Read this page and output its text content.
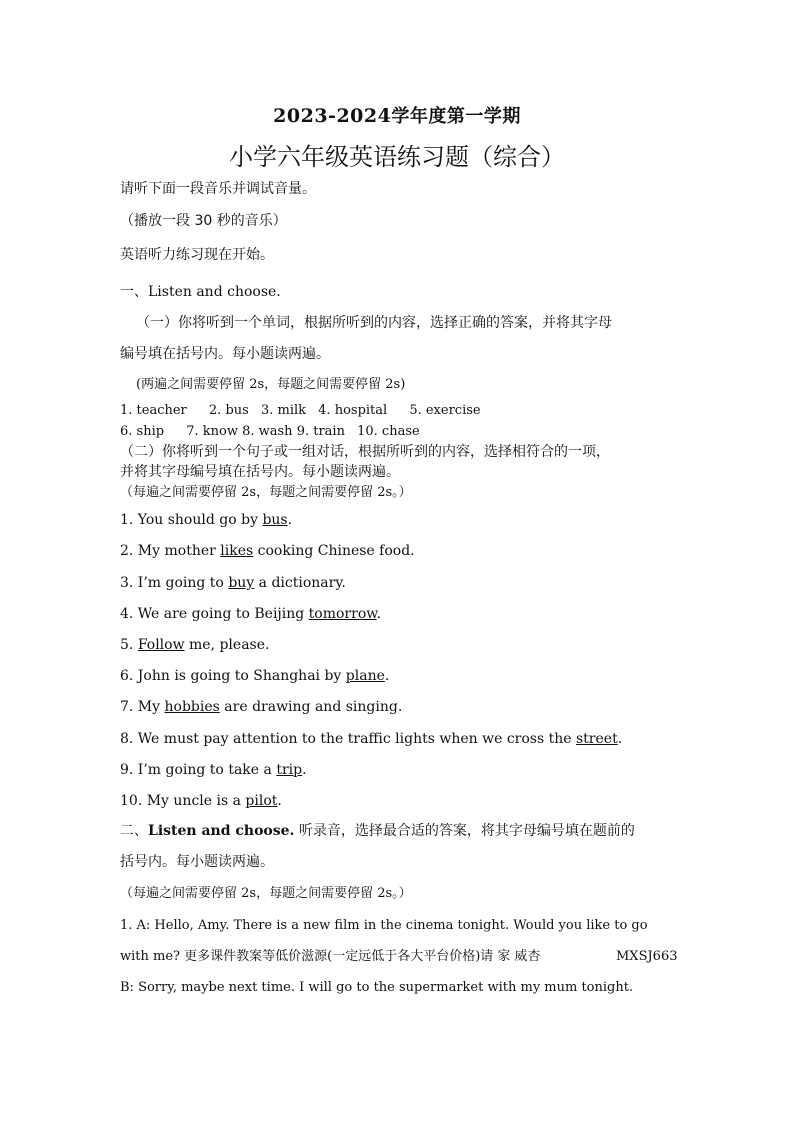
2023-2024学年度第一学期
小学六年级英语练习题（综合）
请听下面一段音乐并调试音量。
（播放一段 30 秒的音乐）
英语听力练习现在开始。
一、Listen and choose.
（一）你将听到一个单词，根据所听到的内容，选择正确的答案，并将其字母
编号填在括号内。每小题读两遍。
(两遍之间需要停留 2s，每题之间需要停留 2s)
1. teacher 2. bus 3. milk 4. hospital 5. exercise
6. ship 7. know 8. wash 9. train 10. chase
（二）你将听到一个句子或一组对话，根据所听到的内容，选择相符合的一项，
并将其字母编号填在括号内。每小题读两遍。
（每遍之间需要停留 2s，每题之间需要停留 2s。）
1. You should go by bus.
2. My mother likes cooking Chinese food.
3. I’m going to buy a dictionary.
4. We are going to Beijing tomorrow.
5. Follow me, please.
6. John is going to Shanghai by plane.
7. My hobbies are drawing and singing.
8. We must pay attention to the traffic lights when we cross the street.
9. I’m going to take a trip.
10. My uncle is a pilot.
二、Listen and choose. 听录音，选择最合适的答案，将其字母编号填在题前的
括号内。每小题读两遍。
（每遍之间需要停留 2s，每题之间需要停留 2s。）
1. A: Hello, Amy. There is a new film in the cinema tonight. Would you like to go
with me? 更多课件教案等低价滋源(一定远低于各大平台价格)请 家 威杏	MXSJ663
B: Sorry, maybe next time. I will go to the supermarket with my mum tonight.
